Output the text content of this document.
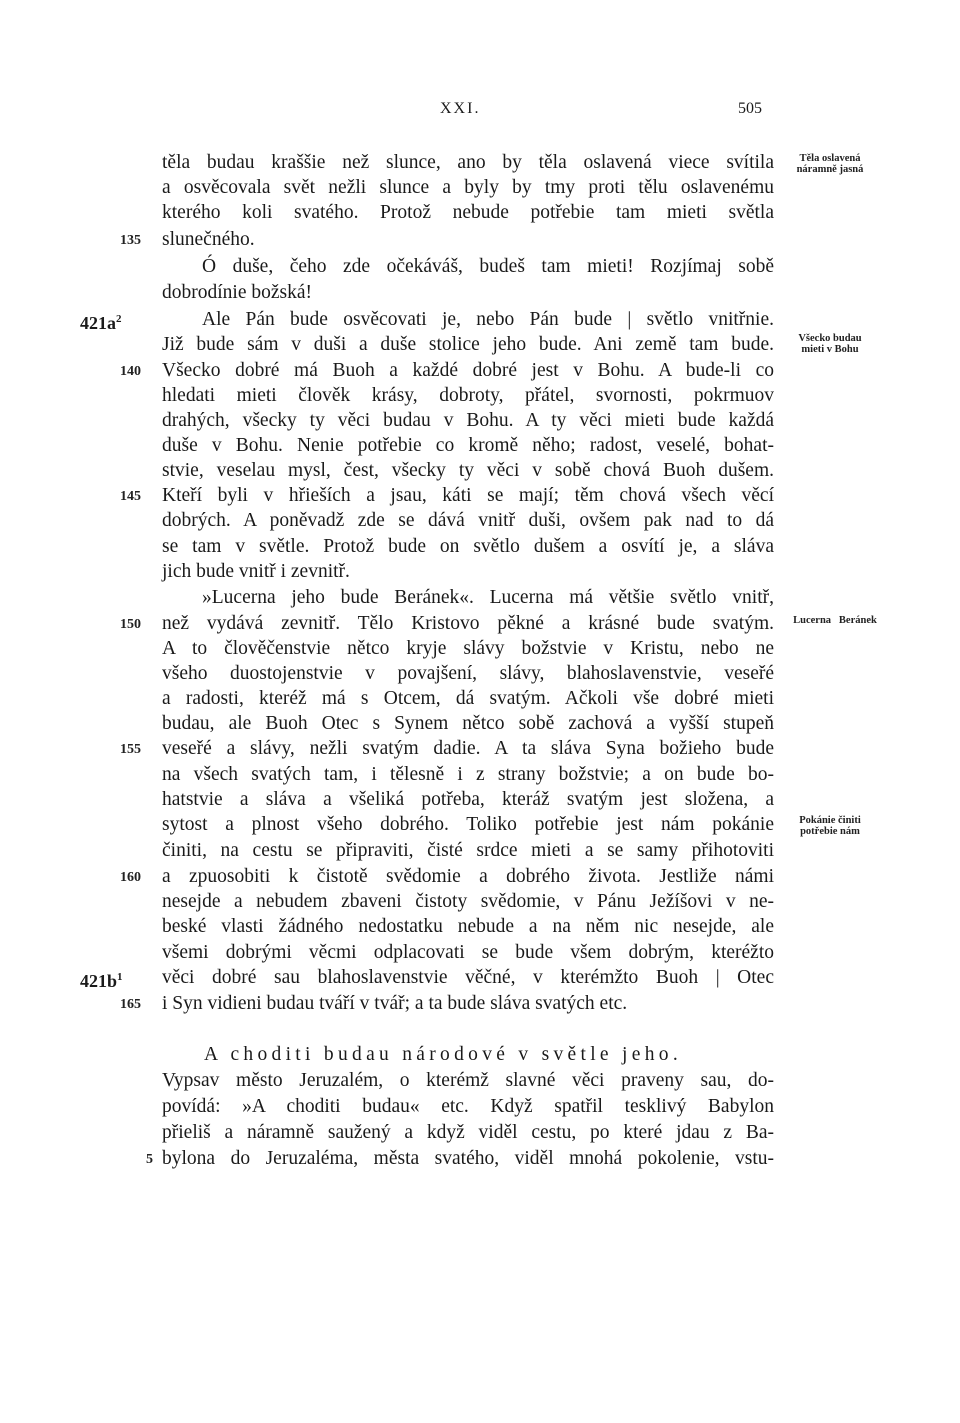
XXI.	505
těla budau kraššie než slunce, ano by těla oslavená viece svítila
a osvěcovala svět nežli slunce a byly by tmy proti tělu oslavenému
kterého koli svatého. Protož nebude potřebie tam mieti světla
slunečného.
Ó duše, čeho zde očekáváš, budeš tam mieti! Rozjímaj sobě
dobrodínie božská!
Ale Pán bude osvěcovati je, nebo Pán bude | světlo vnitřnie.
Již bude sám v duši a duše stolice jeho bude. Ani země tam bude.
Všecko dobré má Buoh a každé dobré jest v Bohu. A bude-li co
hledati mieti člověk krásy, dobroty, přátel, svornosti, pokrmuov
drahých, všecky ty věci budau v Bohu. A ty věci mieti bude každá
duše v Bohu. Nenie potřebie co kromě něho; radost, veselé, bohat-
stvie, veselau mysl, čest, všecky ty věci v sobě chová Buoh dušem.
Kteří byli v hřieších a jsau, káti se mají; těm chová všech věcí
dobrých. A poněvadž zde se dává vnitř duši, ovšem pak nad to dá
se tam v světle. Protož bude on světlo dušem a osvítí je, a sláva
jich bude vnitř i zevnitř.
»Lucerna jeho bude Beránek«. Lucerna má většie světlo vnitř,
než vydává zevnitř. Tělo Kristovo pěkné a krásné bude svatým.
A to člověčenstvie nětco kryje slávy božstvie v Kristu, nebo ne
všeho duostojenstvie v povajšení, slávy, blahoslavenstvie, veseřé
a radosti, kteréž má s Otcem, dá svatým. Ačkoli vše dobré mieti
budau, ale Buoh Otec s Synem nětco sobě zachová a vyšší stupeň
veseřé a slávy, nežli svatým dadie. A ta sláva Syna božieho bude
na všech svatých tam, i tělesně i z strany božstvie; a on bude bo-
hatstvie a sláva a všeliká potřeba, kteráž svatým jest složena, a
sytost a plnost všeho dobrého. Toliko potřebie jest nám pokánie
činiti, na cestu se připraviti, čisté srdce mieti a se samy přihotoviti
a zpuosobiti k čistotě svědomie a dobrého života. Jestliže námi
nesejde a nebudem zbaveni čistoty svědomie, v Pánu Ježíšovi v ne-
beské vlasti žádného nedostatku nebude a na něm nic nesejde, ale
všemi dobrými věcmi odplacovati se bude všem dobrým, kteréžto
věci dobré sau blahoslavenstvie věčné, v kterémžto Buoh | Otec
i Syn vidieni budau tváří v tvář; a ta bude sláva svatých etc.
A choditi budau národové v světle jeho.
Vypsav město Jeruzalém, o kterémž slavné věci praveny sau, do-
povídá: »A choditi budau« etc. Když spatřil tesklivý Babylon
přieliš a náramně saužený a když viděl cestu, po které jdau z Ba-
bylona do Jeruzaléma, města svatého, viděl mnohá pokolenie, vstu-
135
140
145
150
155
160
165
5
$421a^2$
$421b^1$
Těla oslavená
náramně jasná
Všecko budau
mieti v Bohu

Lucerna   Beránek

Pokánie činiti
potřebie nám
